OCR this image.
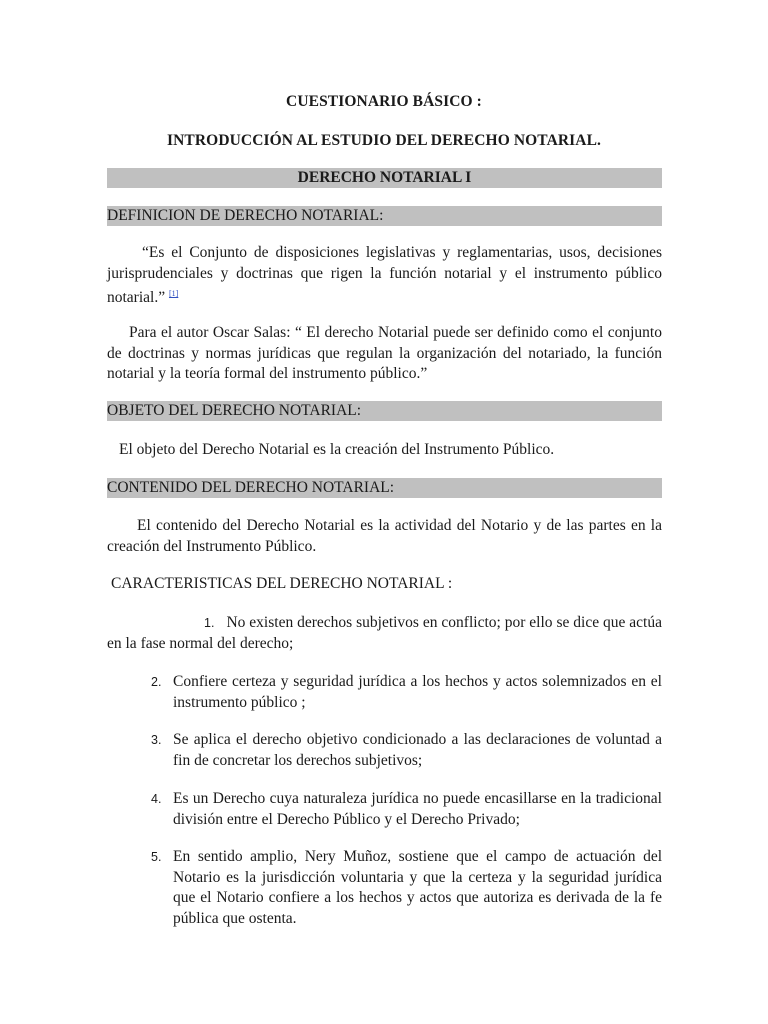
CUESTIONARIO BÁSICO :
INTRODUCCIÓN AL ESTUDIO DEL DERECHO NOTARIAL.
DERECHO NOTARIAL I
DEFINICION DE DERECHO NOTARIAL:
“Es el Conjunto de disposiciones legislativas y reglamentarias, usos, decisiones jurisprudenciales y doctrinas que rigen la función notarial y el instrumento público notarial.” [1]
Para el autor Oscar Salas: “ El derecho Notarial puede ser definido como el conjunto de doctrinas y normas jurídicas que regulan la organización del notariado, la función notarial y la teoría formal del instrumento público.”
OBJETO DEL DERECHO NOTARIAL:
El objeto del Derecho Notarial es la creación del Instrumento Público.
CONTENIDO DEL DERECHO NOTARIAL:
El contenido del Derecho Notarial es la actividad del Notario y de las partes en la creación del Instrumento Público.
CARACTERISTICAS DEL DERECHO NOTARIAL :
1. No existen derechos subjetivos en conflicto; por ello se dice que actúa en la fase normal del derecho;
2. Confiere certeza y seguridad jurídica a los hechos y actos solemnizados en el instrumento público ;
3. Se aplica el derecho objetivo condicionado a las declaraciones de voluntad a fin de concretar los derechos subjetivos;
4. Es un Derecho cuya naturaleza jurídica no puede encasillarse en la tradicional división entre el Derecho Público y el Derecho Privado;
5. En sentido amplio, Nery Muñoz, sostiene que el campo de actuación del Notario es la jurisdicción voluntaria y que la certeza y la seguridad jurídica que el Notario confiere a los hechos y actos que autoriza es derivada de la fe pública que ostenta.
